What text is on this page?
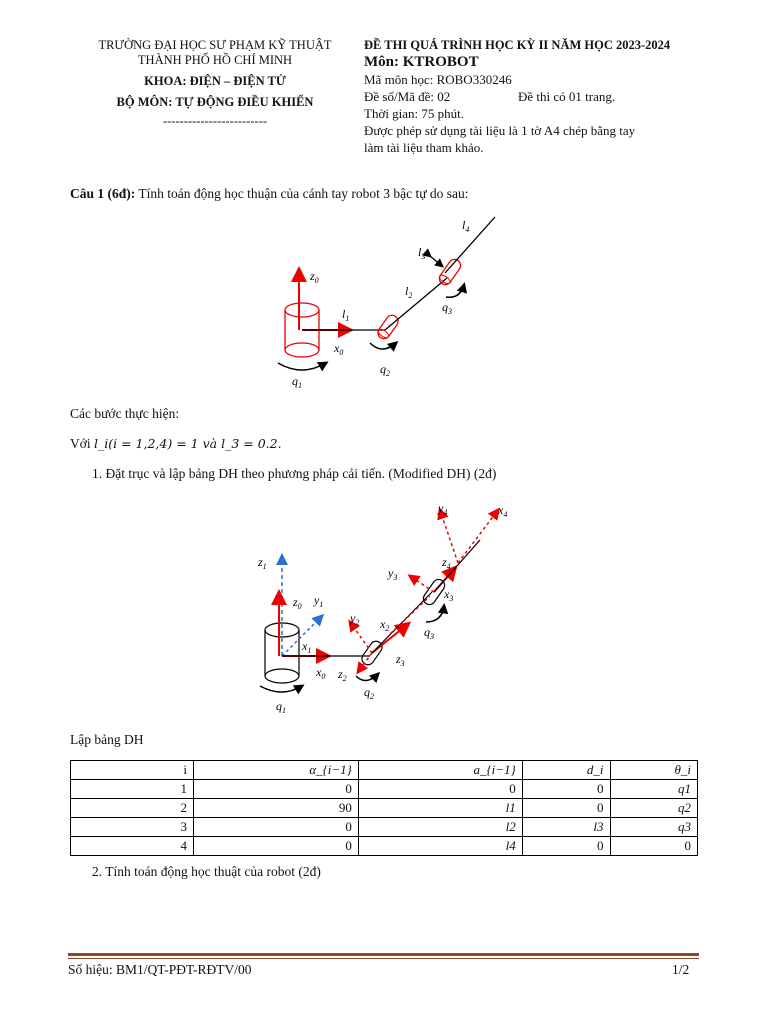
TRƯỜNG ĐẠI HỌC SƯ PHẠM KỸ THUẬT
THÀNH PHỐ HỒ CHÍ MINH
KHOA: ĐIỆN – ĐIỆN TỬ
BỘ MÔN: TỰ ĐỘNG ĐIỀU KHIỂN
-------------------------
ĐỀ THI QUÁ TRÌNH HỌC KỲ II NĂM HỌC 2023-2024
Môn: KTROBOT
Mã môn học: ROBO330246
Đề số/Mã đề: 02	Đề thi có 01 trang.
Thời gian: 75 phút.
Được phép sử dụng tài liệu là 1 tờ A4 chép bằng tay
làm tài liệu tham khảo.
Câu 1 (6đ): Tính toán động học thuận của cánh tay robot 3 bậc tự do sau:
$z_0$
$x_0$
$l_1$
$l_2$
$l_3$
$l_4$
$q_1$
$q_2$
$q_3$
Các bước thực hiện:
Với l_i(i = 1,2,4) = 1 và l_3 = 0.2.
1. Đặt trục và lập bảng DH theo phương pháp cải tiến. (Modified DH) (2đ)
$z_1$
$z_0$ $y_1$
$x_1$
$x_0$
$y_2$ $x_2$
$z_2$
$z_3$
$y_3$
$x_3$
$y_4$	$x_4$
$z_4$
$q_1$
$q_2$
$q_3$
Lập bảng DH
i	α_{i−1}	a_{i−1}	d_i	θ_i
1	0	0	0	q1
2	90	l1	0	q2
3	0	l2	l3	q3
4	0	l4	0	0
2. Tính toán động học thuật của robot (2đ)
Số hiệu: BM1/QT-PĐT-RĐTV/00	1/2
